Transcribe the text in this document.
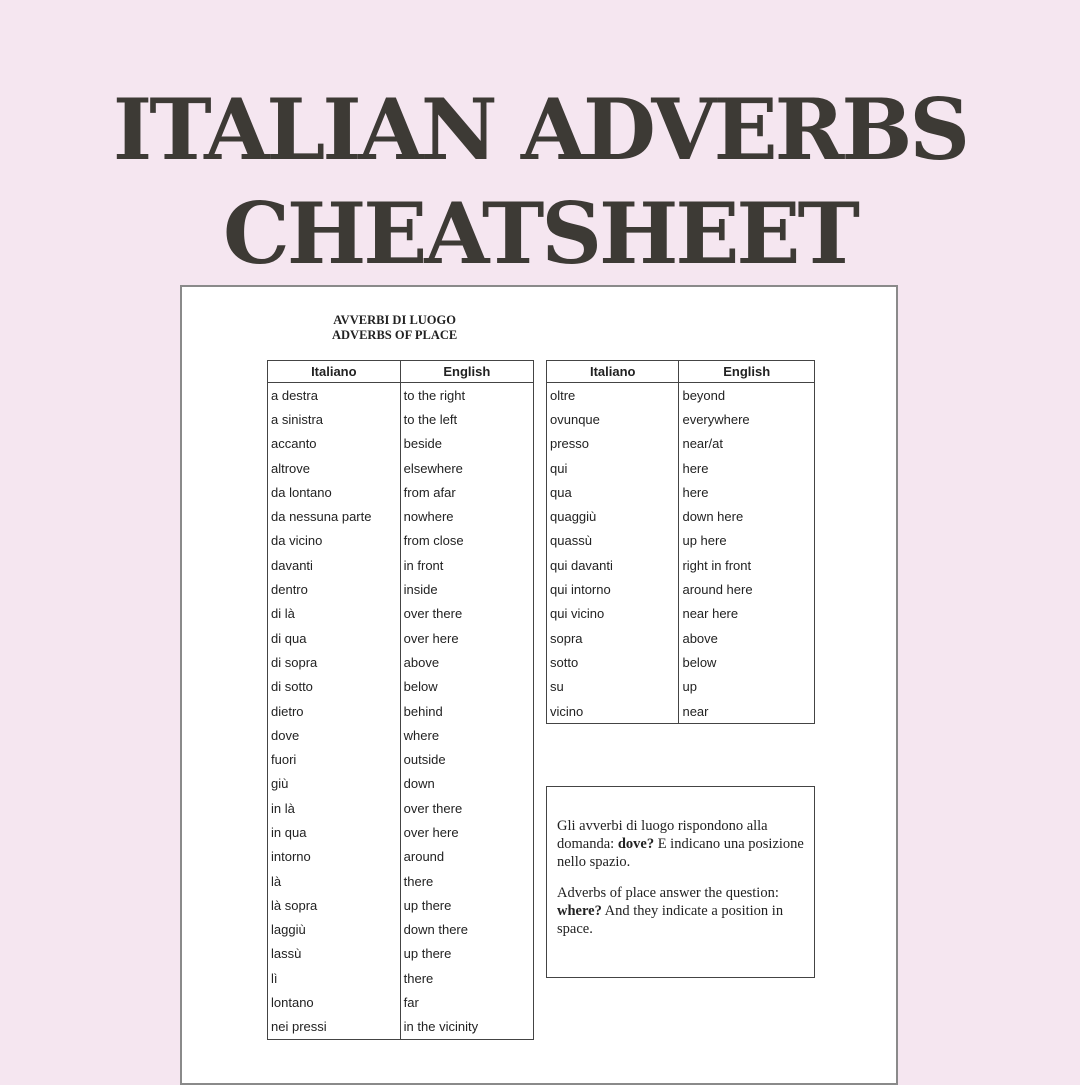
ITALIAN ADVERBS
CHEATSHEET
AVVERBI DI LUOGO
ADVERBS OF PLACE
Italiano	English
a destra	to the right
a sinistra	to the left
accanto	beside
altrove	elsewhere
da lontano	from afar
da nessuna parte	nowhere
da vicino	from close
davanti	in front
dentro	inside
di là	over there
di qua	over here
di sopra	above
di sotto	below
dietro	behind
dove	where
fuori	outside
giù	down
in là	over there
in qua	over here
intorno	around
là	there
là sopra	up there
laggiù	down there
lassù	up there
lì	there
lontano	far
nei pressi	in the vicinity
Italiano	English
oltre	beyond
ovunque	everywhere
presso	near/at
qui	here
qua	here
quaggiù	down here
quassù	up here
qui davanti	right in front
qui intorno	around here
qui vicino	near here
sopra	above
sotto	below
su	up
vicino	near

Gli avverbi di luogo rispondono alla domanda: dove? E indicano una posizione nello spazio.

Adverbs of place answer the question: where? And they indicate a position in space.
